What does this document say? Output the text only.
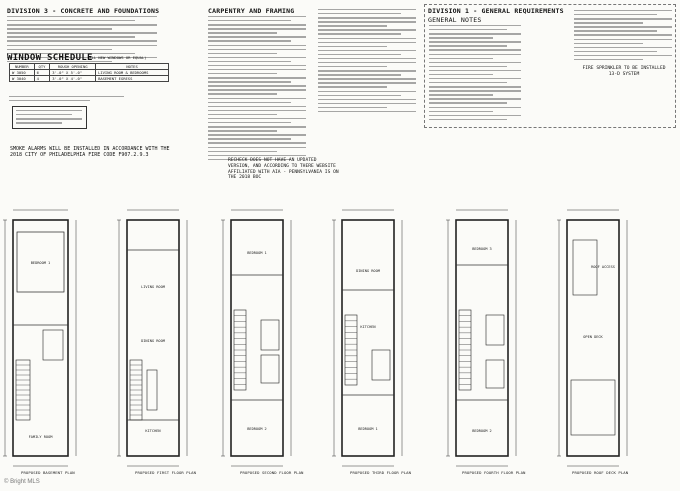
DIVISION 3 - CONCRETE AND FOUNDATIONS
WINDOW SCHEDULE
(ALL NEW WINDOWS OR EQUAL)
NUMBER	QTY	ROUGH OPENING	NOTES
W 3050	6	3'-0" X 5'-0"	LIVING ROOM & BEDROOMS
W 3040	4	3'-0" X 4'-0"	BASEMENT EGRESS
SMOKE ALARMS WILL BE INSTALLED IN ACCORDANCE WITH THE 2018 CITY OF PHILADELPHIA FIRE CODE F907.2.9.3
CARPENTRY AND FRAMING
RECHECK DOES NOT HAVE AN UPDATED VERSION, AND ACCORDING TO THERE WEBSITE AFFILIATED WITH AIA - PENNSYLVANIA IS ON THE 2018 BOC
DIVISION 1 - GENERAL REQUIREMENTS
GENERAL NOTES
FIRE SPRINKLER TO BE INSTALLED 13-D SYSTEM
BEDROOM 1
FAMILY ROOM
LIVING ROOM
DINING ROOM
KITCHEN
BEDROOM 1
BEDROOM 2
DINING ROOM
KITCHEN
BEDROOM 1
BEDROOM 3
BEDROOM 2
ROOF ACCESS
OPEN DECK
PROPOSED BASEMENT PLAN	PROPOSED FIRST FLOOR PLAN	PROPOSED SECOND FLOOR PLAN	PROPOSED THIRD FLOOR PLAN	PROPOSED FOURTH FLOOR PLAN	PROPOSED ROOF DECK PLAN
© Bright MLS
